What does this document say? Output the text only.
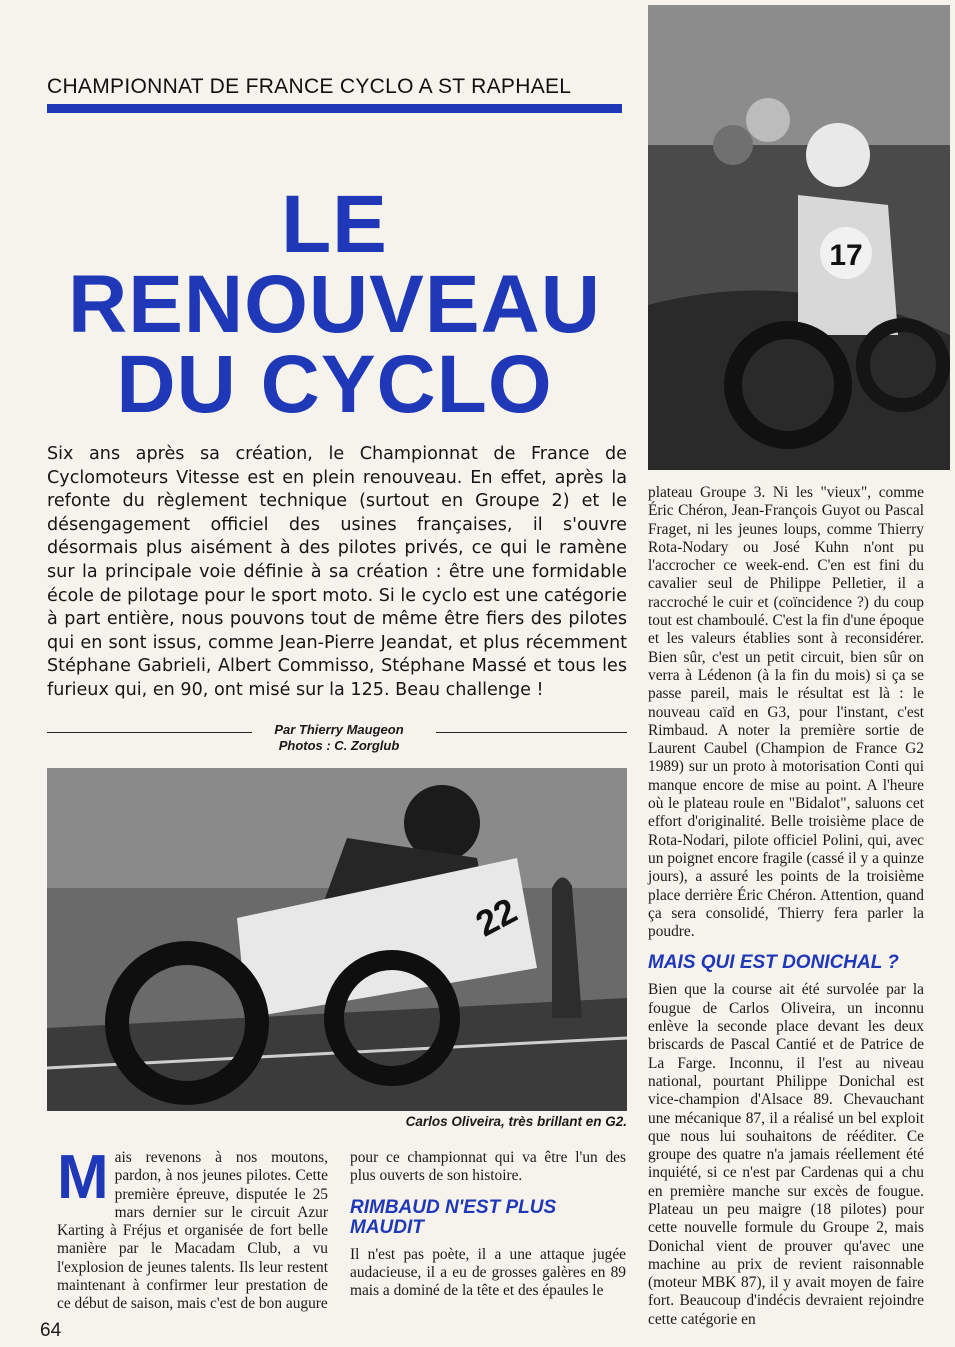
17
CHAMPIONNAT DE FRANCE CYCLO A ST RAPHAEL
LE
RENOUVEAU
DU CYCLO
Six ans après sa création, le Championnat de France de Cyclomoteurs Vitesse est en plein renouveau. En effet, après la refonte du règlement technique (surtout en Groupe 2) et le désengagement officiel des usines françaises, il s'ouvre désormais plus aisément à des pilotes privés, ce qui le ramène sur la principale voie définie à sa création : être une formidable école de pilotage pour le sport moto. Si le cyclo est une catégorie à part entière, nous pouvons tout de même être fiers des pilotes qui en sont issus, comme Jean-Pierre Jeandat, et plus récemment Stéphane Gabrieli, Albert Commisso, Stéphane Massé et tous les furieux qui, en 90, ont misé sur la 125. Beau challenge !
Par Thierry Maugeon
Photos : C. Zorglub
22
Carlos Oliveira, très brillant en G2.
M ais revenons à nos moutons, pardon, à nos jeunes pilotes. Cette première épreuve, disputée le 25 mars dernier sur le circuit Azur Karting à Fréjus et organisée de fort belle manière par le Macadam Club, a vu l'explosion de jeunes talents. Ils leur restent maintenant à confirmer leur prestation de ce début de saison, mais c'est de bon augure
pour ce championnat qui va être l'un des plus ouverts de son histoire.
RIMBAUD N'EST PLUS MAUDIT
Il n'est pas poète, il a une attaque jugée audacieuse, il a eu de grosses galères en 89 mais a dominé de la tête et des épaules le
plateau Groupe 3. Ni les "vieux", comme Éric Chéron, Jean-François Guyot ou Pascal Fraget, ni les jeunes loups, comme Thierry Rota-Nodary ou José Kuhn n'ont pu l'accrocher ce week-end. C'en est fini du cavalier seul de Philippe Pelletier, il a raccroché le cuir et (coïncidence ?) du coup tout est chamboulé. C'est la fin d'une époque et les valeurs établies sont à reconsidérer. Bien sûr, c'est un petit circuit, bien sûr on verra à Lédenon (à la fin du mois) si ça se passe pareil, mais le résultat est là : le nouveau caïd en G3, pour l'instant, c'est Rimbaud. A noter la première sortie de Laurent Caubel (Champion de France G2 1989) sur un proto à motorisation Conti qui manque encore de mise au point. A l'heure où le plateau roule en "Bidalot", saluons cet effort d'originalité. Belle troisième place de Rota-Nodari, pilote officiel Polini, qui, avec un poignet encore fragile (cassé il y a quinze jours), a assuré les points de la troisième place derrière Éric Chéron. Attention, quand ça sera consolidé, Thierry fera parler la poudre.
MAIS QUI EST DONICHAL ?
Bien que la course ait été survolée par la fougue de Carlos Oliveira, un inconnu enlève la seconde place devant les deux briscards de Pascal Cantié et de Patrice de La Farge. Inconnu, il l'est au niveau national, pourtant Philippe Donichal est vice-champion d'Alsace 89. Chevauchant une mécanique 87, il a réalisé un bel exploit que nous lui souhaitons de rééditer. Ce groupe des quatre n'a jamais réellement été inquiété, si ce n'est par Cardenas qui a chu en première manche sur excès de fougue. Plateau un peu maigre (18 pilotes) pour cette nouvelle formule du Groupe 2, mais Donichal vient de prouver qu'avec une machine au prix de revient raisonnable (moteur MBK 87), il y avait moyen de faire fort. Beaucoup d'indécis devraient rejoindre cette catégorie en
64
